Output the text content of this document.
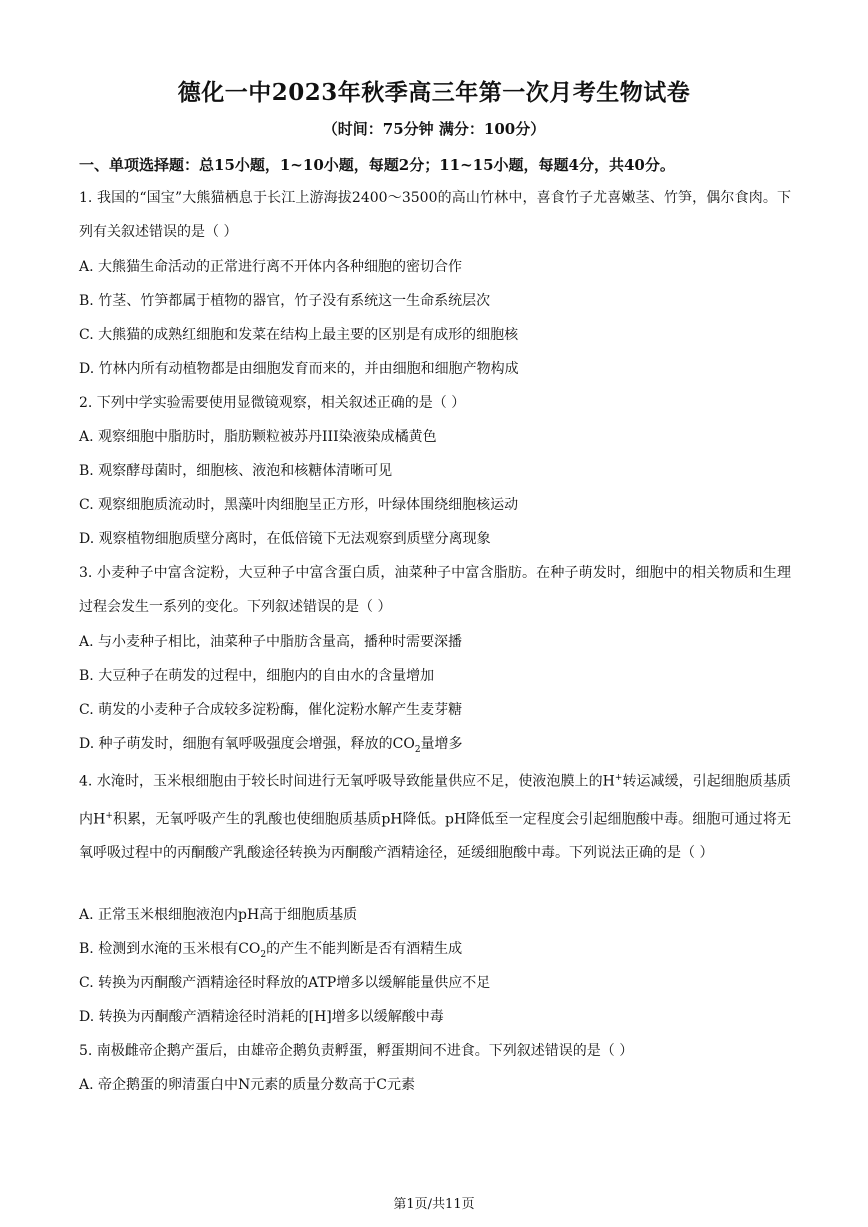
德化一中2023年秋季高三年第一次月考生物试卷
（时间：75分钟 满分：100分）
一、单项选择题：总15小题，1~10小题，每题2分；11~15小题，每题4分，共40分。
1. 我国的“国宝”大熊猫栖息于长江上游海拔2400～3500的高山竹林中，喜食竹子尤喜嫩茎、竹笋，偶尔食肉。下列有关叙述错误的是（ ）
A. 大熊猫生命活动的正常进行离不开体内各种细胞的密切合作
B. 竹茎、竹笋都属于植物的器官，竹子没有系统这一生命系统层次
C. 大熊猫的成熟红细胞和发菜在结构上最主要的区别是有成形的细胞核
D. 竹林内所有动植物都是由细胞发育而来的，并由细胞和细胞产物构成
2. 下列中学实验需要使用显微镜观察，相关叙述正确的是（ ）
A. 观察细胞中脂肪时，脂肪颗粒被苏丹III染液染成橘黄色
B. 观察酵母菌时，细胞核、液泡和核糖体清晰可见
C. 观察细胞质流动时，黑藻叶肉细胞呈正方形，叶绿体围绕细胞核运动
D. 观察植物细胞质壁分离时，在低倍镜下无法观察到质壁分离现象
3. 小麦种子中富含淀粉，大豆种子中富含蛋白质，油菜种子中富含脂肪。在种子萌发时，细胞中的相关物质和生理过程会发生一系列的变化。下列叙述错误的是（ ）
A. 与小麦种子相比，油菜种子中脂肪含量高，播种时需要深播
B. 大豆种子在萌发的过程中，细胞内的自由水的含量增加
C. 萌发的小麦种子合成较多淀粉酶，催化淀粉水解产生麦芽糖
D. 种子萌发时，细胞有氧呼吸强度会增强，释放的$CO_2$量增多
4. 水淹时，玉米根细胞由于较长时间进行无氧呼吸导致能量供应不足，使液泡膜上的H+转运减缓，引起细胞质基质内H+积累，无氧呼吸产生的乳酸也使细胞质基质pH降低。pH降低至一定程度会引起细胞酸中毒。细胞可通过将无氧呼吸过程中的丙酮酸产乳酸途径转换为丙酮酸产酒精途径，延缓细胞酸中毒。下列说法正确的是（ ）
A. 正常玉米根细胞液泡内pH高于细胞质基质
B. 检测到水淹的玉米根有$CO_2$的产生不能判断是否有酒精生成
C. 转换为丙酮酸产酒精途径时释放的ATP增多以缓解能量供应不足
D. 转换为丙酮酸产酒精途径时消耗的[H]增多以缓解酸中毒
5. 南极雌帝企鹅产蛋后，由雄帝企鹅负责孵蛋，孵蛋期间不进食。下列叙述错误的是（ ）
A. 帝企鹅蛋的卵清蛋白中N元素的质量分数高于C元素
第1页/共11页
